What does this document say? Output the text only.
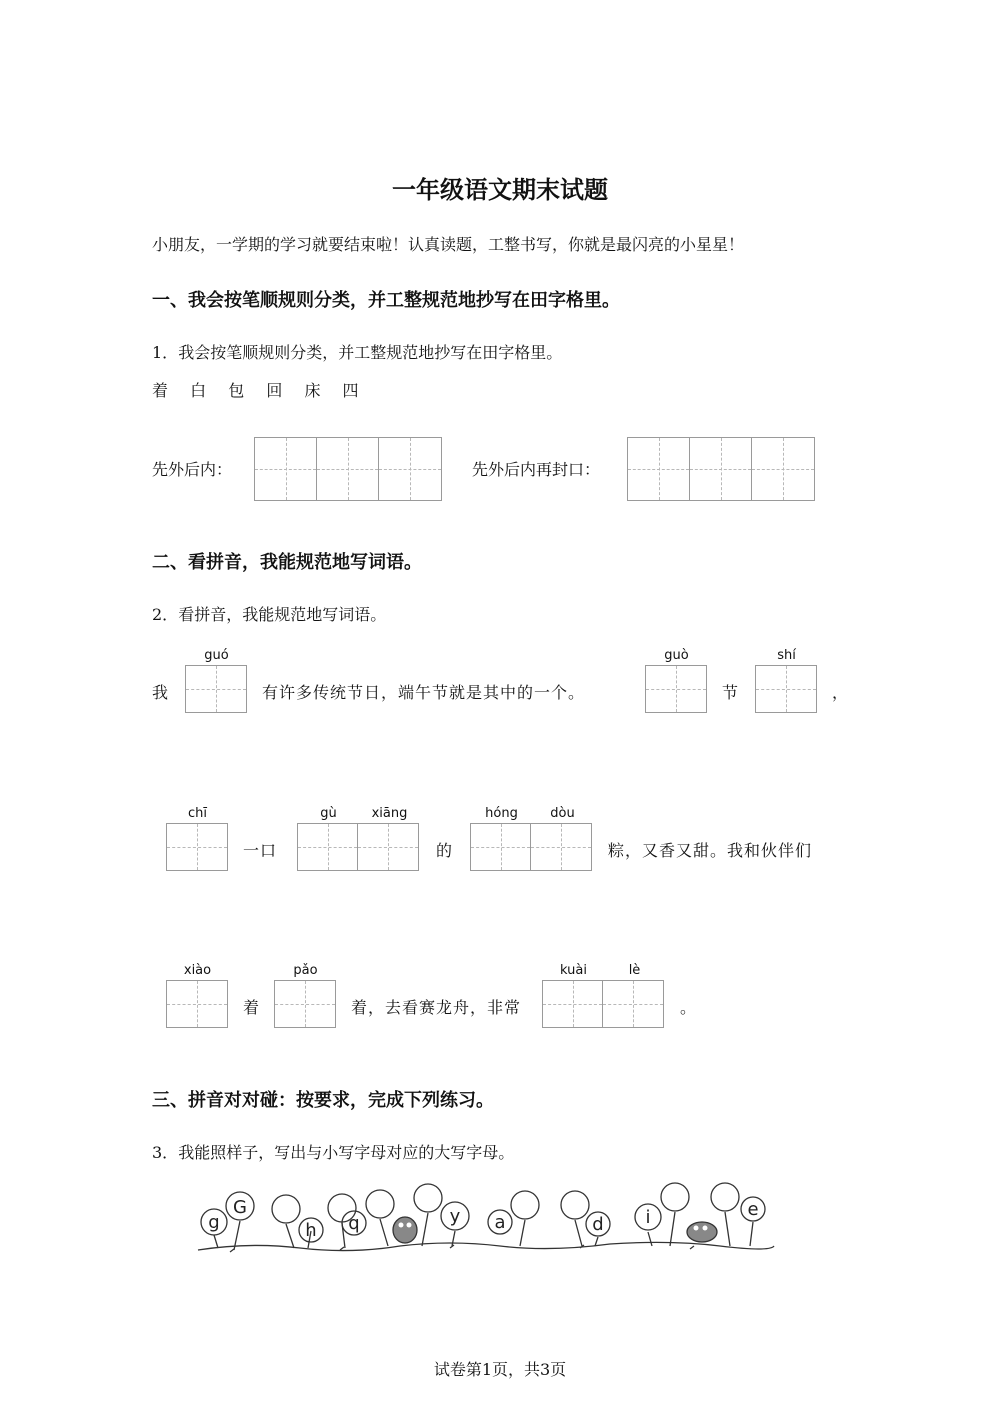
一年级语文期末试题
小朋友，一学期的学习就要结束啦！认真读题，工整书写，你就是最闪亮的小星星！
一、我会按笔顺规则分类，并工整规范地抄写在田字格里。
1．我会按笔顺规则分类，并工整规范地抄写在田字格里。
着 白 包 回 床 四
先外后内：	先外后内再封口：
二、看拼音，我能规范地写词语。
2．看拼音，我能规范地写词语。
我
guó
有许多传统节日，端午节就是其中的一个。
guò
节
shí
，
chī
一口
gù	xiāng
的
hóng	dòu
粽，又香又甜。我和伙伴们
xiào
着
pǎo
着，去看赛龙舟，非常
kuài	lè
。
三、拼音对对碰：按要求，完成下列练习。
3．我能照样子，写出与小写字母对应的大写字母。
g
G
h q	y a	d i	e
试卷第1页，共3页
